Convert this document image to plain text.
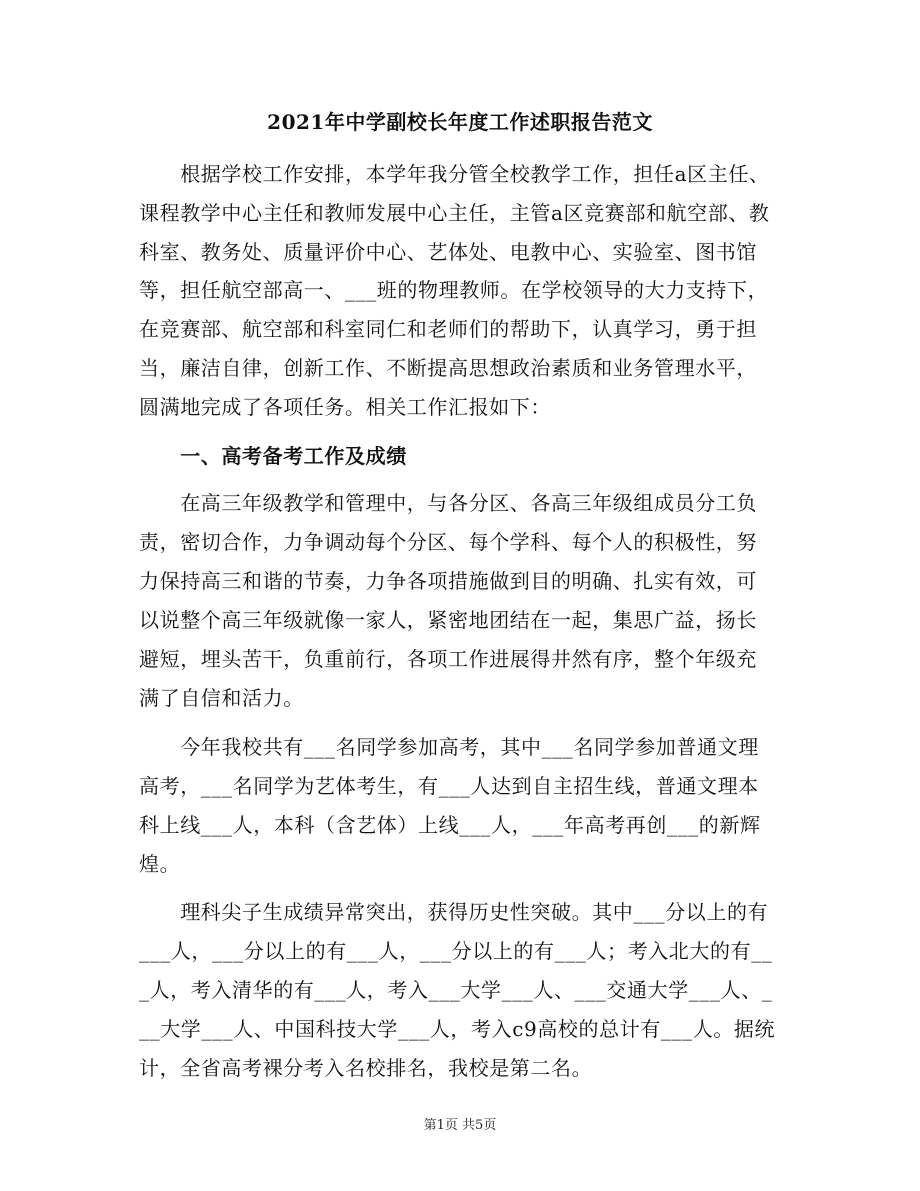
2021年中学副校长年度工作述职报告范文
　　根据学校工作安排，本学年我分管全校教学工作，担任a区主任、
课程教学中心主任和教师发展中心主任，主管a区竞赛部和航空部、教
科室、教务处、质量评价中心、艺体处、电教中心、实验室、图书馆
等，担任航空部高一、___班的物理教师。在学校领导的大力支持下，
在竞赛部、航空部和科室同仁和老师们的帮助下，认真学习，勇于担
当，廉洁自律，创新工作、不断提高思想政治素质和业务管理水平，
圆满地完成了各项任务。相关工作汇报如下：
　　一、高考备考工作及成绩
　　在高三年级教学和管理中，与各分区、各高三年级组成员分工负
责，密切合作，力争调动每个分区、每个学科、每个人的积极性，努
力保持高三和谐的节奏，力争各项措施做到目的明确、扎实有效，可
以说整个高三年级就像一家人，紧密地团结在一起，集思广益，扬长
避短，埋头苦干，负重前行，各项工作进展得井然有序，整个年级充
满了自信和活力。
　　今年我校共有___名同学参加高考，其中___名同学参加普通文理
高考，___名同学为艺体考生，有___人达到自主招生线，普通文理本
科上线___人，本科（含艺体）上线___人，___年高考再创___的新辉
煌。
　　理科尖子生成绩异常突出，获得历史性突破。其中___分以上的有
___人，___分以上的有___人，___分以上的有___人；考入北大的有__
_人，考入清华的有___人，考入___大学___人、___交通大学___人、_
__大学___人、中国科技大学___人，考入c9高校的总计有___人。据统
计，全省高考裸分考入名校排名，我校是第二名。
第1页 共5页
